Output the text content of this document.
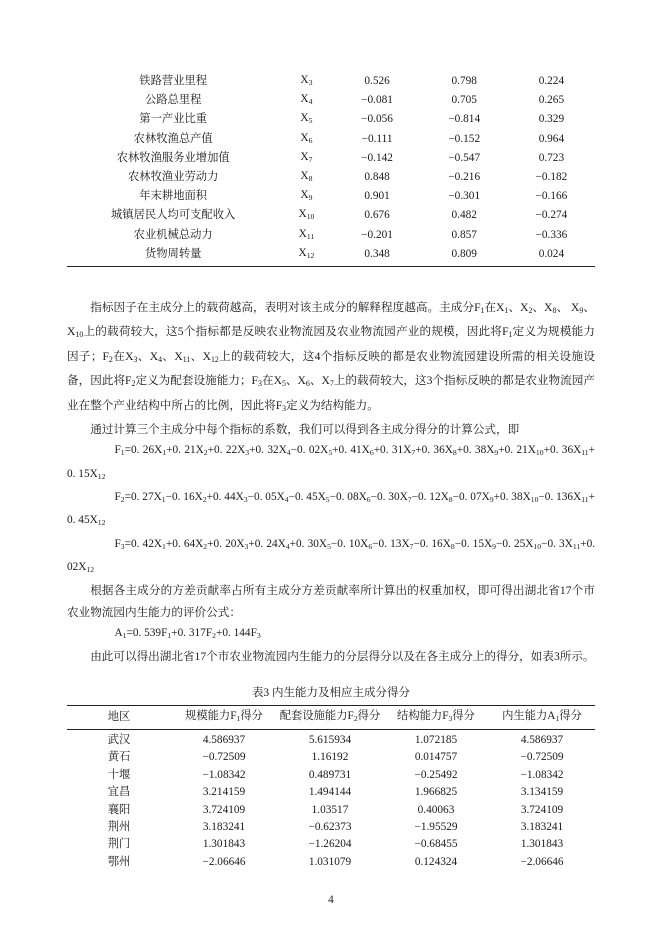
铁路营业里程	$X_3$	0.526	0.798	0.224
公路总里程	$X_4$	−0.081	0.705	0.265
第一产业比重	$X_5$	−0.056	−0.814	0.329
农林牧渔总产值	$X_6$	−0.111	−0.152	0.964
农林牧渔服务业增加值	$X_7$	−0.142	−0.547	0.723
农林牧渔业劳动力	$X_8$	0.848	−0.216	−0.182
年末耕地面积	$X_9$	0.901	−0.301	−0.166
城镇居民人均可支配收入	$X_{10}$	0.676	0.482	−0.274
农业机械总动力	$X_{11}$	−0.201	0.857	−0.336
货物周转量	$X_{12}$	0.348	0.809	0.024

指标因子在主成分上的载荷越高，表明对该主成分的解释程度越高。主成分$F_1$在$X_1$、$X_2$、$X_8$、 $X_9$、$X_{10}$上的载荷较大，这5个指标都是反映农业物流园及农业物流园产业的规模，因此将$F_1$定义为规模能力因子；$F_2$在$X_3$、$X_4$、$X_{11}$、$X_{12}$上的载荷较大，这4个指标反映的都是农业物流园建设所需的相关设施设备，因此将$F_2$定义为配套设施能力；$F_3$在$X_5$、$X_6$、$X_7$上的载荷较大，这3个指标反映的都是农业物流园产业在整个产业结构中所占的比例，因此将$F_3$定义为结构能力。

通过计算三个主成分中每个指标的系数，我们可以得到各主成分得分的计算公式，即

$F_1=0$. $26X_1+0$. $21X_2+0$. $22X_3+0$. $32X_4-0$. $02X_5+0$. $41X_6+0$. $31X_7+0$. $36X_8+0$. $38X_9+0$. $21X_{10}+0$. $36X_{11}+0$. $15X_{12}$

$F_2=0$. $27X_1-0$. $16X_2+0$. $44X_3-0$. $05X_4-0$. $45X_5-0$. $08X_6-0$. $30X_7-0$. $12X_8-0$. $07X_9+0$. $38X_{10}-0$. $136X_{11}+0$. $45X_{12}$

$F_3=0$. $42X_1+0$. $64X_2+0$. $20X_3+0$. $24X_4+0$. $30X_5-0$. $10X_6-0$. $13X_7-0$. $16X_8-0$. $15X_9-0$. $25X_{10}-0$. $3X_{11}+0$. $02X_{12}$

根据各主成分的方差贡献率占所有主成分方差贡献率所计算出的权重加权，即可得出湖北省17个市农业物流园内生能力的评价公式：

$A_1=0$. $539F_1+0$. $317F_2+0$. $144F_3$

由此可以得出湖北省17个市农业物流园内生能力的分层得分以及在各主成分上的得分，如表3所示。

表3 内生能力及相应主成分得分
地区	规模能力$F_1$得分	配套设施能力$F_2$得分	结构能力$F_3$得分	内生能力$A_1$得分

武汉	4.586937	5.615934	1.072185	4.586937
黄石	−0.72509	1.16192	0.014757	−0.72509
十堰	−1.08342	0.489731	−0.25492	−1.08342
宜昌	3.214159	1.494144	1.966825	3.134159
襄阳	3.724109	1.03517	0.40063	3.724109
荆州	3.183241	−0.62373	−1.95529	3.183241
荆门	1.301843	−1.26204	−0.68455	1.301843
鄂州	−2.06646	1.031079	0.124324	−2.06646
4
